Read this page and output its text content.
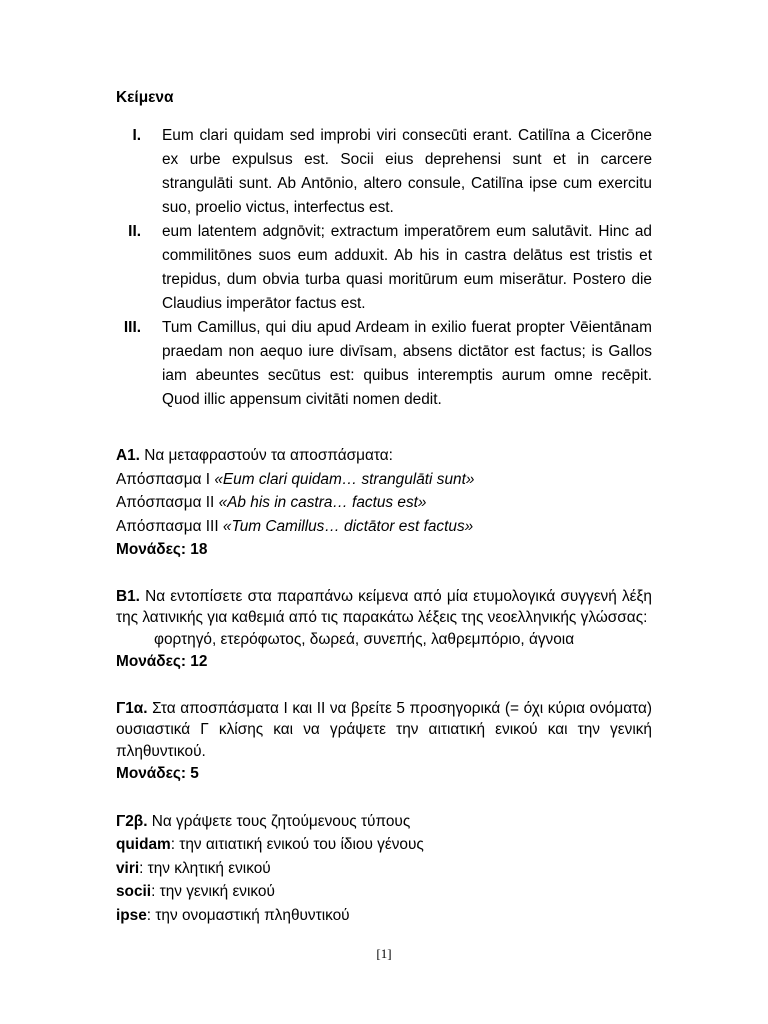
Κείμενα
I.	Eum clari quidam sed improbi viri consecūti erant. Catilīna a Cicerōne ex urbe expulsus est. Socii eius deprehensi sunt et in carcere strangulāti sunt. Ab Antōnio, altero consule, Catilīna ipse cum exercitu suo, proelio victus, interfectus est.
II.	eum latentem adgnōvit; extractum imperatōrem eum salutāvit. Hinc ad commilitōnes suos eum adduxit. Ab his in castra delātus est tristis et trepidus, dum obvia turba quasi moritūrum eum miserātur. Postero die Claudius imperātor factus est.
III.	Tum Camillus, qui diu apud Ardeam in exilio fuerat propter Vēientānam praedam non aequo iure divīsam, absens dictātor est factus; is Gallos iam abeuntes secūtus est: quibus interemptis aurum omne recēpit. Quod illic appensum civitāti nomen dedit.
Α1. Να μεταφραστούν τα αποσπάσματα:
Απόσπασμα Ι «Eum clari quidam… strangulāti sunt»
Απόσπασμα ΙΙ «Ab his in castra… factus est»
Απόσπασμα ΙΙΙ «Tum Camillus… dictātor est factus»
Μονάδες: 18
Β1. Να εντοπίσετε στα παραπάνω κείμενα από μία ετυμολογικά συγγενή λέξη της λατινικής για καθεμιά από τις παρακάτω λέξεις της νεοελληνικής γλώσσας:
φορτηγό, ετερόφωτος, δωρεά, συνεπής, λαθρεμπόριο, άγνοια
Μονάδες: 12
Γ1α. Στα αποσπάσματα Ι και ΙΙ να βρείτε 5 προσηγορικά (= όχι κύρια ονόματα) ουσιαστικά Γ κλίσης και να γράψετε την αιτιατική ενικού και την γενική πληθυντικού.
Μονάδες: 5
Γ2β. Να γράψετε τους ζητούμενους τύπους
quidam: την αιτιατική ενικού του ίδιου γένους
viri: την κλητική ενικού
socii: την γενική ενικού
ipse: την ονομαστική πληθυντικού
[1]
